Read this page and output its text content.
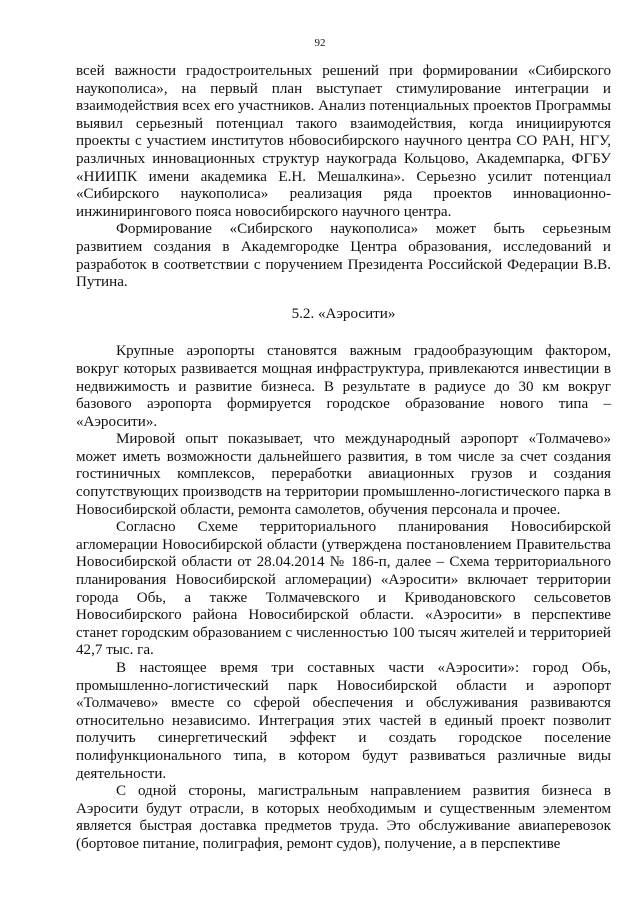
92

всей важности градостроительных решений при формировании «Сибирского наукополиса», на первый план выступает стимулирование интеграции и взаимодействия всех его участников. Анализ потенциальных проектов Программы выявил серьезный потенциал такого взаимодействия, когда инициируются проекты с участием институтов нбовосибирского научного центра СО РАН, НГУ, различных инновационных структур наукограда Кольцово, Академпарка, ФГБУ «НИИПК имени академика Е.Н. Мешалкина». Серьезно усилит потенциал «Сибирского наукополиса» реализация ряда проектов инновационно-инжинирингового пояса новосибирского научного центра.

Формирование «Сибирского наукополиса» может быть серьезным развитием создания в Академгородке Центра образования, исследований и разработок в соответствии с поручением Президента Российской Федерации В.В. Путина.

5.2. «Аэросити»

Крупные аэропорты становятся важным градообразующим фактором, вокруг которых развивается мощная инфраструктура, привлекаются инвестиции в недвижимость и развитие бизнеса. В результате в радиусе до 30 км вокруг базового аэропорта формируется городское образование нового типа – «Аэросити».

Мировой опыт показывает, что международный аэропорт «Толмачево» может иметь возможности дальнейшего развития, в том числе за счет создания гостиничных комплексов, переработки авиационных грузов и создания сопутствующих производств на территории промышленно-логистического парка в Новосибирской области, ремонта самолетов, обучения персонала и прочее.

Согласно Схеме территориального планирования Новосибирской агломерации Новосибирской области (утверждена постановлением Правительства Новосибирской области от 28.04.2014 № 186-п, далее – Схема территориального планирования Новосибирской агломерации) «Аэросити» включает территории города Обь, а также Толмачевского и Криводановского сельсоветов Новосибирского района Новосибирской области. «Аэросити» в перспективе станет городским образованием с численностью 100 тысяч жителей и территорией 42,7 тыс. га.

В настоящее время три составных части «Аэросити»: город Обь, промышленно-логистический парк Новосибирской области и аэропорт «Толмачево» вместе со сферой обеспечения и обслуживания развиваются относительно независимо. Интеграция этих частей в единый проект позволит получить синергетический эффект и создать городское поселение полифункционального типа, в котором будут развиваться различные виды деятельности.

С одной стороны, магистральным направлением развития бизнеса в Аэросити будут отрасли, в которых необходимым и существенным элементом является быстрая доставка предметов труда. Это обслуживание авиаперевозок (бортовое питание, полиграфия, ремонт судов), получение, а в перспективе
